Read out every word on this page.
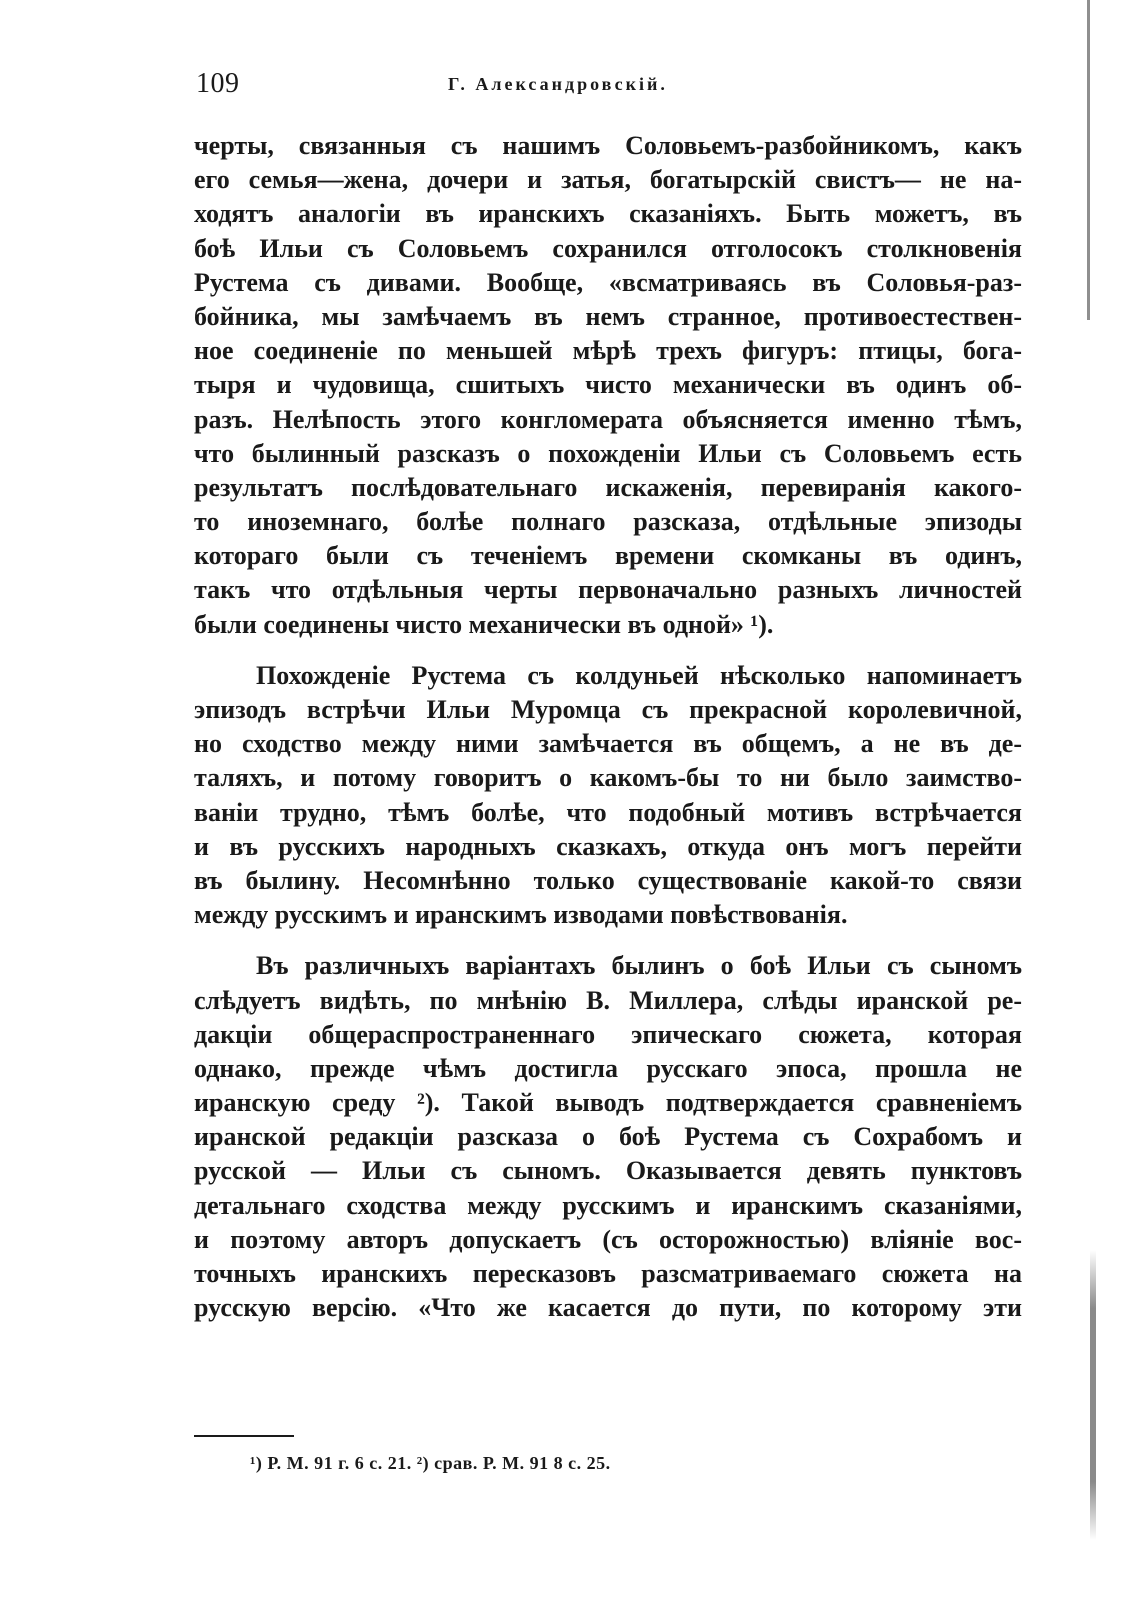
109	Г. Александровскій.
черты, связанныя съ нашимъ Соловьемъ-разбойникомъ, какъ
его семья—жена, дочери и затья, богатырскій свистъ— не на-
ходятъ аналогіи въ иранскихъ сказаніяхъ. Быть можетъ, въ
боѣ Ильи съ Соловьемъ сохранился отголосокъ столкновенія
Рустема съ дивами. Вообще, «всматриваясь въ Соловья-раз-
бойника, мы замѣчаемъ въ немъ странное, противоестествен-
ное соединеніе по меньшей мѣрѣ трехъ фигуръ: птицы, бога-
тыря и чудовища, сшитыхъ чисто механически въ одинъ об-
разъ. Нелѣпость этого конгломерата объясняется именно тѣмъ,
что былинный разсказъ о похожденіи Ильи съ Соловьемъ есть
результатъ послѣдовательнаго искаженія, перевиранія какого-
то иноземнаго, болѣе полнаго разсказа, отдѣльные эпизоды
котораго были съ теченіемъ времени скомканы въ одинъ,
такъ что отдѣльныя черты первоначально разныхъ личностей
были соединены чисто механически въ одной» ¹).
Похожденіе Рустема съ колдуньей нѣсколько напоминаетъ
эпизодъ встрѣчи Ильи Муромца съ прекрасной королевичной,
но сходство между ними замѣчается въ общемъ, а не въ де-
таляхъ, и потому говоритъ о какомъ-бы то ни было заимство-
ваніи трудно, тѣмъ болѣе, что подобный мотивъ встрѣчается
и въ русскихъ народныхъ сказкахъ, откуда онъ могъ перейти
въ былину. Несомнѣнно только существованіе какой-то связи
между русскимъ и иранскимъ изводами повѣствованія.
Въ различныхъ варіантахъ былинъ о боѣ Ильи съ сыномъ
слѣдуетъ видѣть, по мнѣнію В. Миллера, слѣды иранской ре-
дакціи общераспространеннаго эпическаго сюжета, которая
однако, прежде чѣмъ достигла русскаго эпоса, прошла не
иранскую среду ²). Такой выводъ подтверждается сравненіемъ
иранской редакціи разсказа о боѣ Рустема съ Сохрабомъ и
русской — Ильи съ сыномъ. Оказывается девять пунктовъ
детальнаго сходства между русскимъ и иранскимъ сказаніями,
и поэтому авторъ допускаетъ (съ осторожностью) вліяніе вос-
точныхъ иранскихъ пересказовъ разсматриваемаго сюжета на
русскую версію. «Что же касается до пути, по которому эти
¹) Р. М. 91 г. 6 с. 21. ²) срав. Р. М. 91 8 с. 25.
